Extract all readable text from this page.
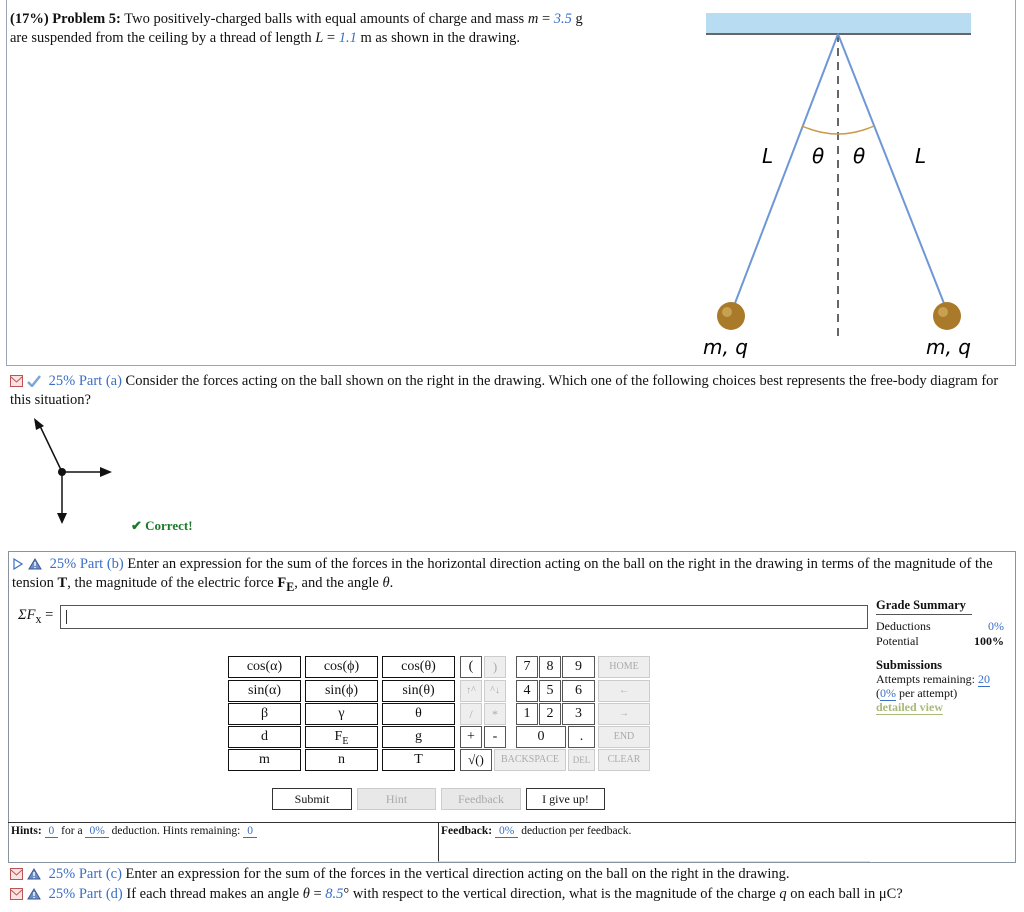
(17%) Problem 5: Two positively-charged balls with equal amounts of charge and mass m = 3.5 g
are suspended from the ceiling by a thread of length L = 1.1 m as shown in the drawing.
L θ θ L
m, q	m, q
25% Part (a) Consider the forces acting on the ball shown on the right in the drawing. Which one of the following choices best represents the free-body diagram for this situation?
✔ Correct!
25% Part (b) Enter an expression for the sum of the forces in the horizontal direction acting on the ball on the right in the drawing in terms of the magnitude of the tension T, the magnitude of the electric force $F_E$, and the angle θ.
$\Sigma F_x$ =
Grade Summary
Deductions	0%
Potential	100%
Submissions
Attempts remaining: 20
(0% per attempt)
detailed view
cos(α)	cos(ϕ)	cos(θ)
sin(α)	sin(ϕ)	sin(θ)
β	γ	θ
d	$F_E$	g
m	n	T
(	)
↑^	^↓
/	*
+	-
√()
7	8	9
4	5	6
1	2	3
0	.
HOME
←
→
END
BACKSPACE	DEL	CLEAR
Submit	Hint	Feedback	I give up!
Hints: 0 for a 0% deduction. Hints remaining: 0	Feedback: 0% deduction per feedback.
25% Part (c) Enter an expression for the sum of the forces in the vertical direction acting on the ball on the right in the drawing.
25% Part (d) If each thread makes an angle θ = 8.5° with respect to the vertical direction, what is the magnitude of the charge q on each ball in μC?
